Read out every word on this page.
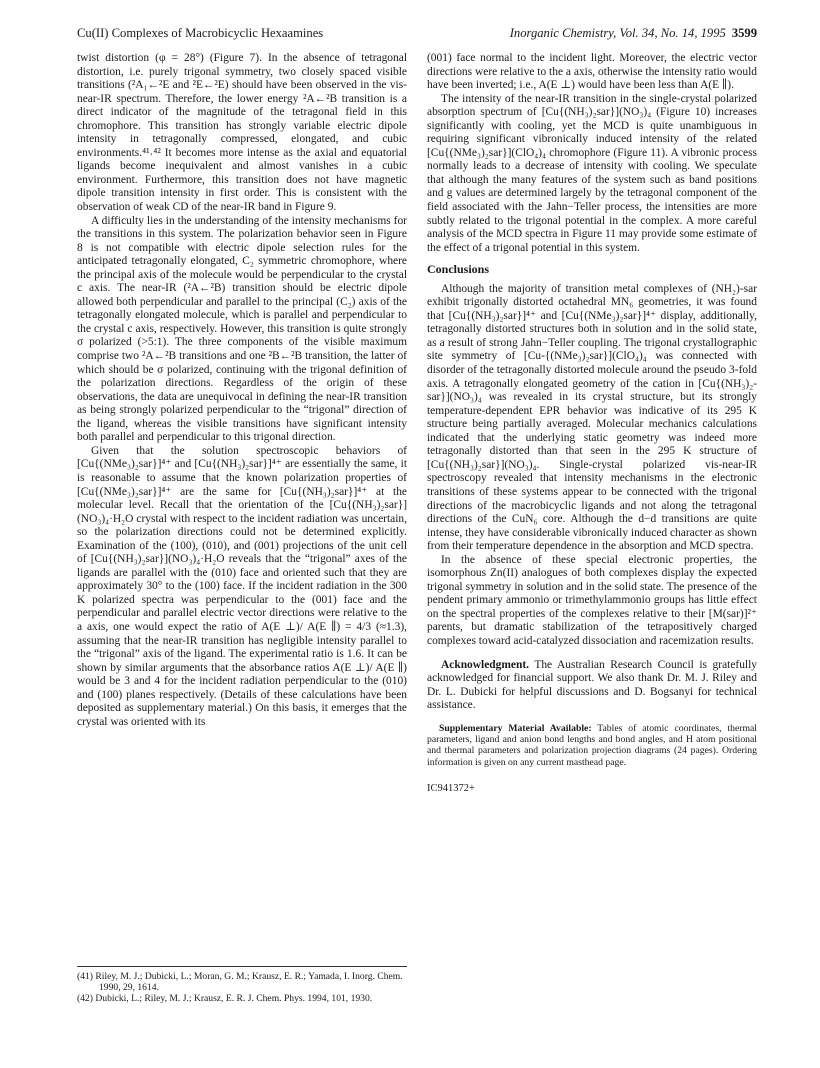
Cu(II) Complexes of Macrobicyclic Hexaamines	Inorganic Chemistry, Vol. 34, No. 14, 1995 3599

twist distortion (φ = 28°) (Figure 7). In the absence of tetragonal distortion, i.e. purely trigonal symmetry, two closely spaced visible transitions (²A₁←²E and ²E←²E) should have been observed in the vis-near-IR spectrum. Therefore, the lower energy ²A←²B transition is a direct indicator of the magnitude of the tetragonal field in this chromophore. This transition has strongly variable electric dipole intensity in tetragonally compressed, elongated, and cubic environments.⁴¹˒⁴² It becomes more intense as the axial and equatorial ligands become inequivalent and almost vanishes in a cubic environment. Furthermore, this transition does not have magnetic dipole transition intensity in first order. This is consistent with the observation of weak CD of the near-IR band in Figure 9.

A difficulty lies in the understanding of the intensity mechanisms for the transitions in this system. The polarization behavior seen in Figure 8 is not compatible with electric dipole selection rules for the anticipated tetragonally elongated, C₂ symmetric chromophore, where the principal axis of the molecule would be perpendicular to the crystal c axis. The near-IR (²A←²B) transition should be electric dipole allowed both perpendicular and parallel to the principal (C₂) axis of the tetragonally elongated molecule, which is parallel and perpendicular to the crystal c axis, respectively. However, this transition is quite strongly σ polarized (>5:1). The three components of the visible maximum comprise two ²A←²B transitions and one ²B←²B transition, the latter of which should be σ polarized, continuing with the trigonal definition of the polarization directions. Regardless of the origin of these observations, the data are unequivocal in defining the near-IR transition as being strongly polarized perpendicular to the “trigonal” direction of the ligand, whereas the visible transitions have significant intensity both parallel and perpendicular to this trigonal direction.

Given that the solution spectroscopic behaviors of [Cu{(NMe₃)₂sar}]⁴⁺ and [Cu{(NH₃)₂sar}]⁴⁺ are essentially the same, it is reasonable to assume that the known polarization properties of [Cu{(NMe₃)₂sar}]⁴⁺ are the same for [Cu{(NH₃)₂sar}]⁴⁺ at the molecular level. Recall that the orientation of the [Cu{(NH₃)₂sar}](NO₃)₄·H₂O crystal with respect to the incident radiation was uncertain, so the polarization directions could not be determined explicitly. Examination of the (100), (010), and (001) projections of the unit cell of [Cu{(NH₃)₂sar}](NO₃)₄·H₂O reveals that the “trigonal” axes of the ligands are parallel with the (010) face and oriented such that they are approximately 30° to the (100) face. If the incident radiation in the 300 K polarized spectra was perpendicular to the (001) face and the perpendicular and parallel electric vector directions were relative to the a axis, one would expect the ratio of A(E ⊥)/ A(E ∥) = 4/3 (≈1.3), assuming that the near-IR transition has negligible intensity parallel to the “trigonal” axis of the ligand. The experimental ratio is 1.6. It can be shown by similar arguments that the absorbance ratios A(E ⊥)/ A(E ∥) would be 3 and 4 for the incident radiation perpendicular to the (010) and (100) planes respectively. (Details of these calculations have been deposited as supplementary material.) On this basis, it emerges that the crystal was oriented with its

(41) Riley, M. J.; Dubicki, L.; Moran, G. M.; Krausz, E. R.; Yamada, I. Inorg. Chem. 1990, 29, 1614.
(42) Dubicki, L.; Riley, M. J.; Krausz, E. R. J. Chem. Phys. 1994, 101, 1930.

(001) face normal to the incident light. Moreover, the electric vector directions were relative to the a axis, otherwise the intensity ratio would have been inverted; i.e., A(E ⊥) would have been less than A(E ∥).

The intensity of the near-IR transition in the single-crystal polarized absorption spectrum of [Cu{(NH₃)₂sar}](NO₃)₄ (Figure 10) increases significantly with cooling, yet the MCD is quite unambiguous in requiring significant vibronically induced intensity of the related [Cu{(NMe₃)₂sar}](ClO₄)₄ chromophore (Figure 11). A vibronic process normally leads to a decrease of intensity with cooling. We speculate that although the many features of the system such as band positions and g values are determined largely by the tetragonal component of the field associated with the Jahn−Teller process, the intensities are more subtly related to the trigonal potential in the complex. A more careful analysis of the MCD spectra in Figure 11 may provide some estimate of the effect of a trigonal potential in this system.

Conclusions

Although the majority of transition metal complexes of (NH₂)-sar exhibit trigonally distorted octahedral MN₆ geometries, it was found that [Cu{(NH₃)₂sar}]⁴⁺ and [Cu{(NMe₃)₂sar}]⁴⁺ display, additionally, tetragonally distorted structures both in solution and in the solid state, as a result of strong Jahn−Teller coupling. The trigonal crystallographic site symmetry of [Cu-{(NMe₃)₂sar}](ClO₄)₄ was connected with disorder of the tetragonally distorted molecule around the pseudo 3-fold axis. A tetragonally elongated geometry of the cation in [Cu{(NH₃)₂-sar}](NO₃)₄ was revealed in its crystal structure, but its strongly temperature-dependent EPR behavior was indicative of its 295 K structure being partially averaged. Molecular mechanics calculations indicated that the underlying static geometry was indeed more tetragonally distorted than that seen in the 295 K structure of [Cu{(NH₃)₂sar}](NO₃)₄. Single-crystal polarized vis-near-IR spectroscopy revealed that intensity mechanisms in the electronic transitions of these systems appear to be connected with the trigonal directions of the macrobicyclic ligands and not along the tetragonal directions of the CuN₆ core. Although the d−d transitions are quite intense, they have considerable vibronically induced character as shown from their temperature dependence in the absorption and MCD spectra.

In the absence of these special electronic properties, the isomorphous Zn(II) analogues of both complexes display the expected trigonal symmetry in solution and in the solid state. The presence of the pendent primary ammonio or trimethylammonio groups has little effect on the spectral properties of the complexes relative to their [M(sar)]²⁺ parents, but dramatic stabilization of the tetrapositively charged complexes toward acid-catalyzed dissociation and racemization results.

Acknowledgment. The Australian Research Council is gratefully acknowledged for financial support. We also thank Dr. M. J. Riley and Dr. L. Dubicki for helpful discussions and D. Bogsanyi for technical assistance.

Supplementary Material Available: Tables of atomic coordinates, thermal parameters, ligand and anion bond lengths and bond angles, and H atom positional and thermal parameters and polarization projection diagrams (24 pages). Ordering information is given on any current masthead page.

IC941372+
